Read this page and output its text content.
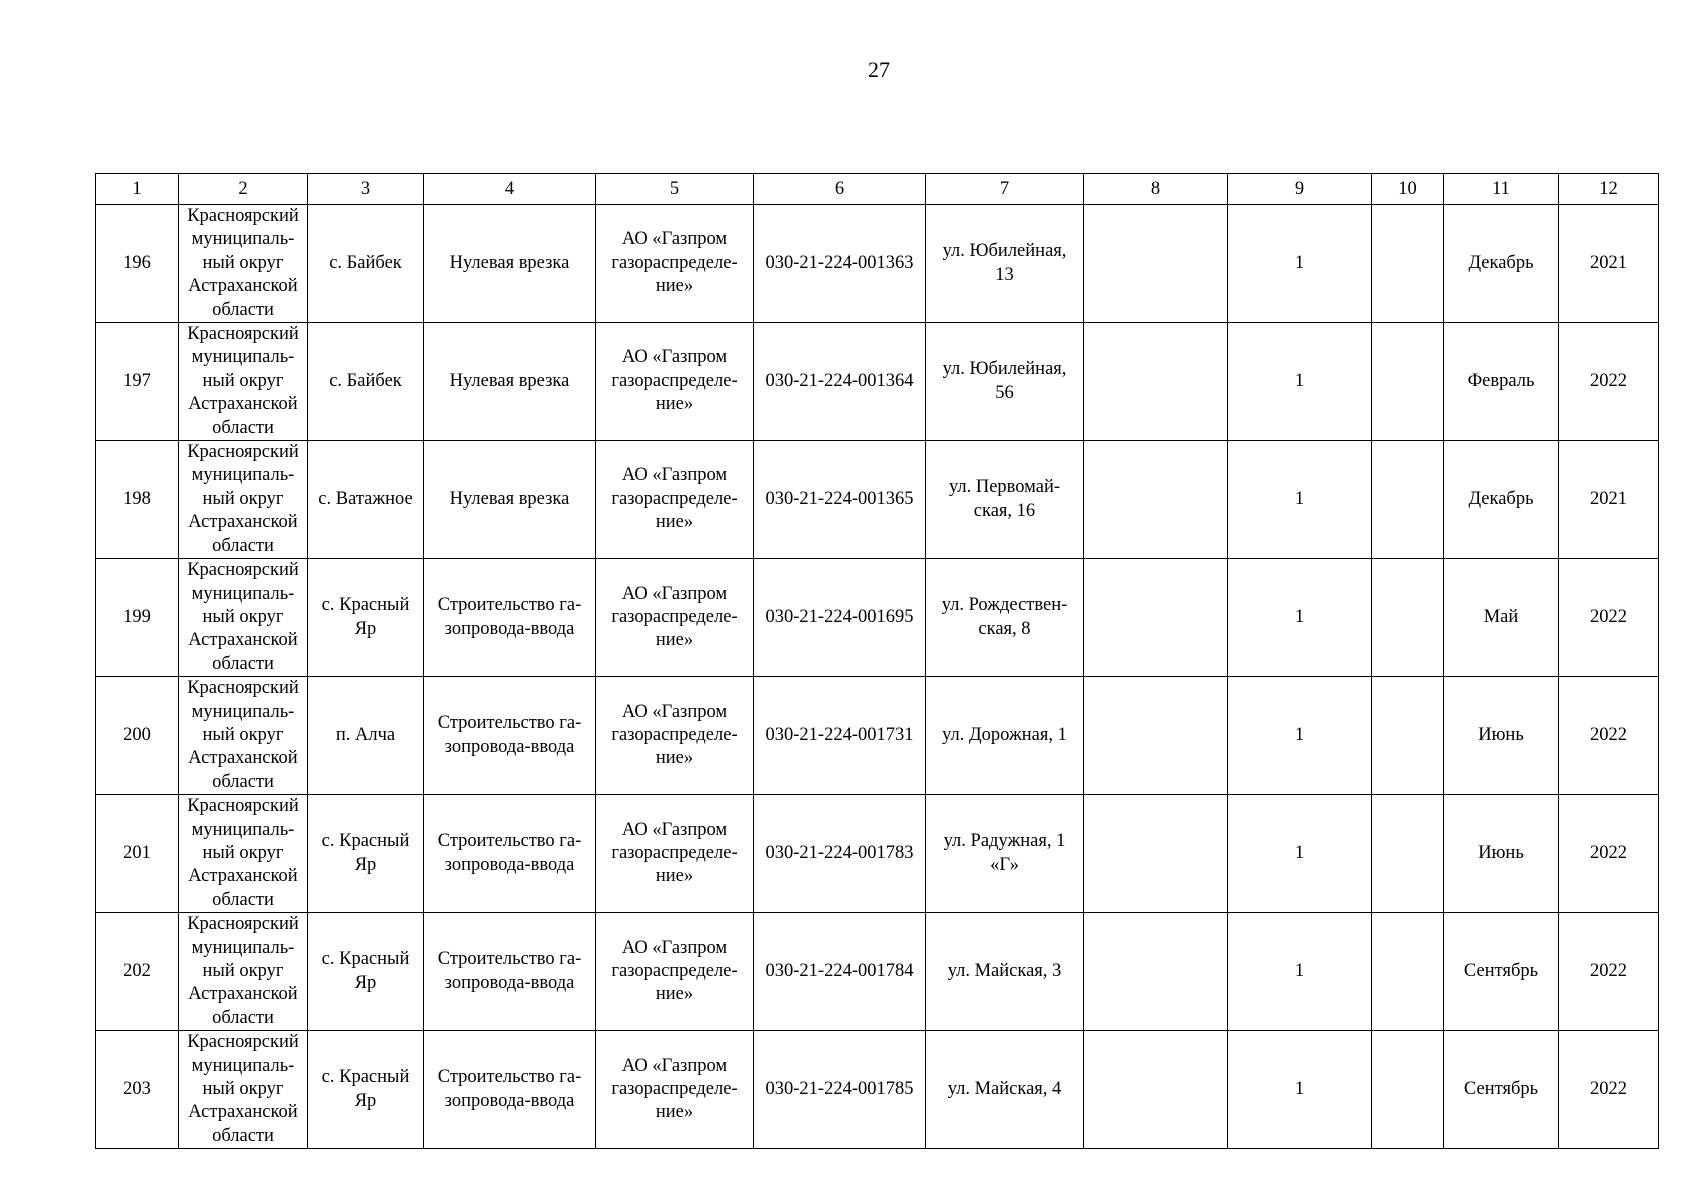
27
1	2	3	4	5	6	7	8	9	10	11	12
196	Красноярский
муниципаль-
ный округ
Астраханской
области	с. Байбек	Нулевая врезка	АО «Газпром
газораспределе-
ние»	030-21-224-001363	ул. Юбилейная,
13		1		Декабрь	2021
197	Красноярский
муниципаль-
ный округ
Астраханской
области	с. Байбек	Нулевая врезка	АО «Газпром
газораспределе-
ние»	030-21-224-001364	ул. Юбилейная,
56		1		Февраль	2022
198	Красноярский
муниципаль-
ный округ
Астраханской
области	с. Ватажное	Нулевая врезка	АО «Газпром
газораспределе-
ние»	030-21-224-001365	ул. Первомай-
ская, 16		1		Декабрь	2021
199	Красноярский
муниципаль-
ный округ
Астраханской
области	с. Красный
Яр	Строительство га-
зопровода-ввода	АО «Газпром
газораспределе-
ние»	030-21-224-001695	ул. Рождествен-
ская, 8		1		Май	2022
200	Красноярский
муниципаль-
ный округ
Астраханской
области	п. Алча	Строительство га-
зопровода-ввода	АО «Газпром
газораспределе-
ние»	030-21-224-001731	ул. Дорожная, 1		1		Июнь	2022
201	Красноярский
муниципаль-
ный округ
Астраханской
области	с. Красный
Яр	Строительство га-
зопровода-ввода	АО «Газпром
газораспределе-
ние»	030-21-224-001783	ул. Радужная, 1
«Г»		1		Июнь	2022
202	Красноярский
муниципаль-
ный округ
Астраханской
области	с. Красный
Яр	Строительство га-
зопровода-ввода	АО «Газпром
газораспределе-
ние»	030-21-224-001784	ул. Майская, 3		1		Сентябрь	2022
203	Красноярский
муниципаль-
ный округ
Астраханской
области	с. Красный
Яр	Строительство га-
зопровода-ввода	АО «Газпром
газораспределе-
ние»	030-21-224-001785	ул. Майская, 4		1		Сентябрь	2022
